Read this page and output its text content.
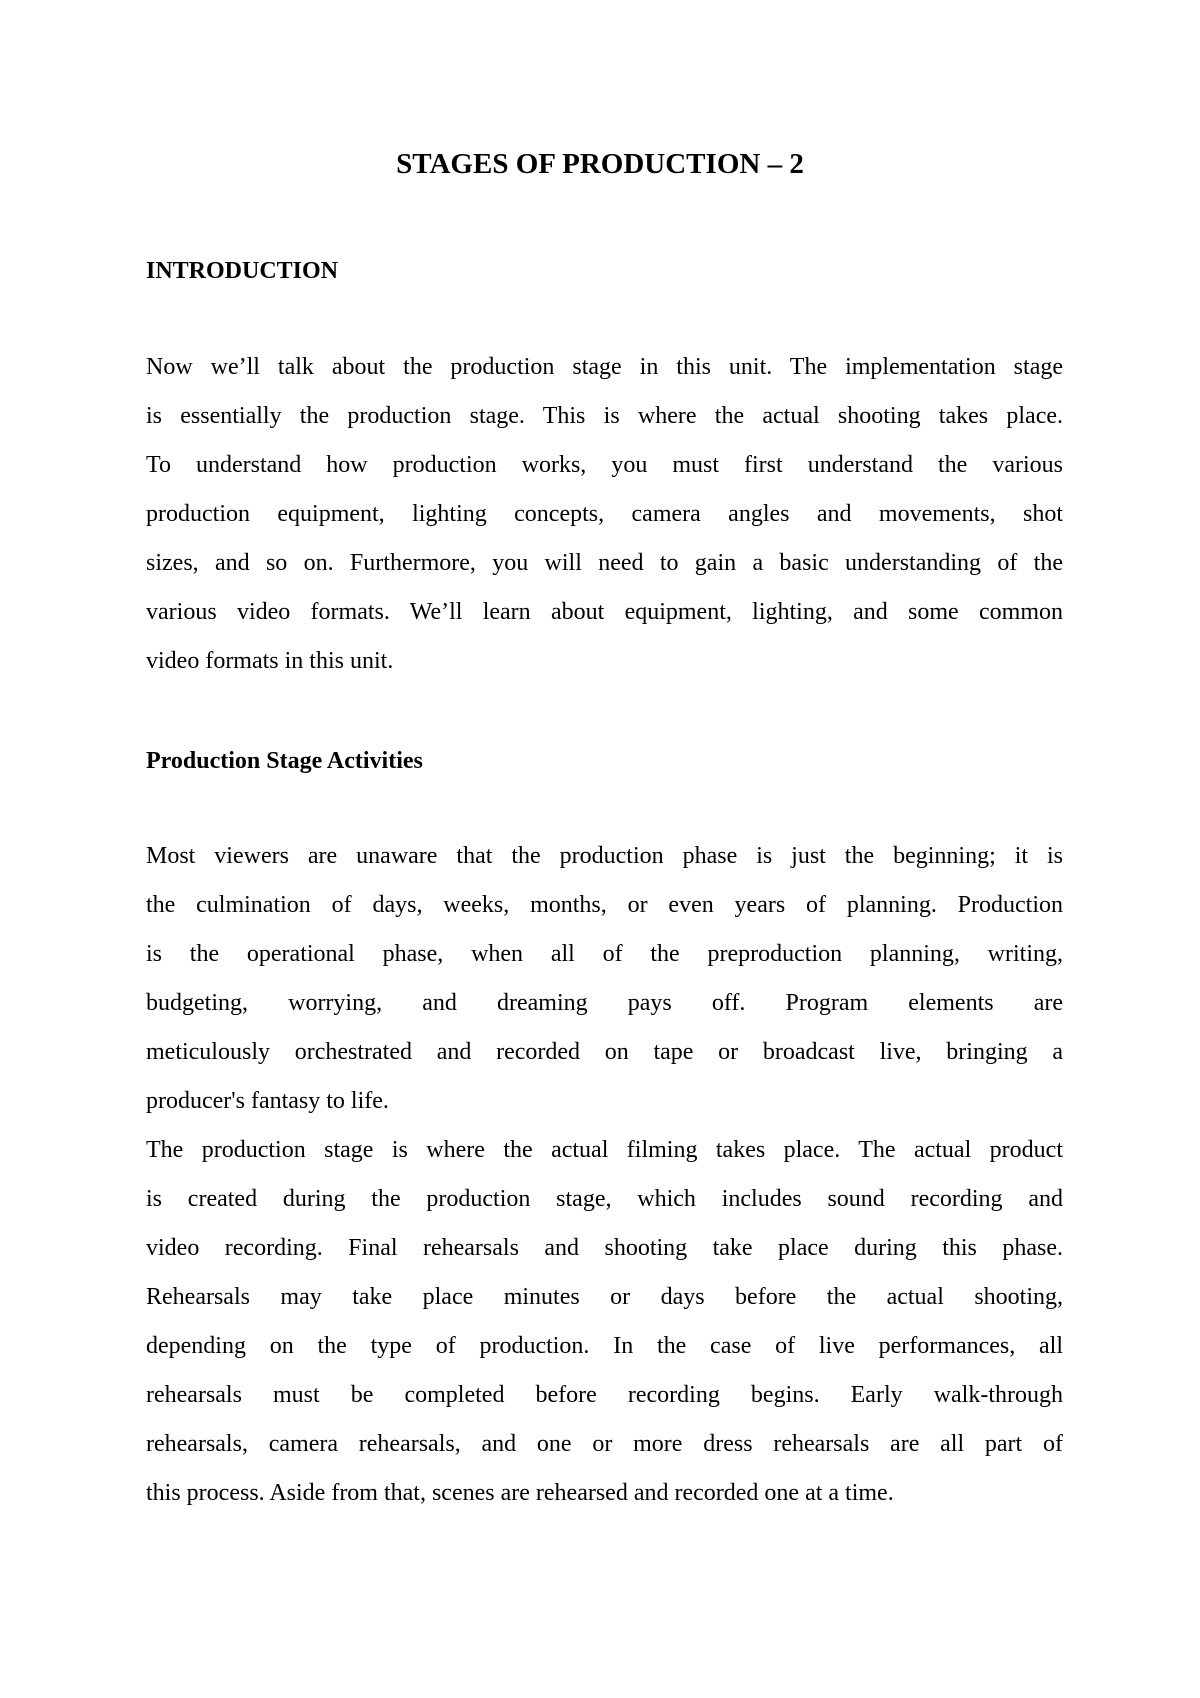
STAGES OF PRODUCTION – 2
INTRODUCTION
Now we’ll talk about the production stage in this unit. The implementation stage
is essentially the production stage. This is where the actual shooting takes place.
To understand how production works, you must first understand the various
production equipment, lighting concepts, camera angles and movements, shot
sizes, and so on. Furthermore, you will need to gain a basic understanding of the
various video formats. We’ll learn about equipment, lighting, and some common
video formats in this unit.
Production Stage Activities
Most viewers are unaware that the production phase is just the beginning; it is
the culmination of days, weeks, months, or even years of planning. Production
is the operational phase, when all of the preproduction planning, writing,
budgeting, worrying, and dreaming pays off. Program elements are
meticulously orchestrated and recorded on tape or broadcast live, bringing a
producer's fantasy to life.
The production stage is where the actual filming takes place. The actual product
is created during the production stage, which includes sound recording and
video recording. Final rehearsals and shooting take place during this phase.
Rehearsals may take place minutes or days before the actual shooting,
depending on the type of production. In the case of live performances, all
rehearsals must be completed before recording begins. Early walk-through
rehearsals, camera rehearsals, and one or more dress rehearsals are all part of
this process. Aside from that, scenes are rehearsed and recorded one at a time.
